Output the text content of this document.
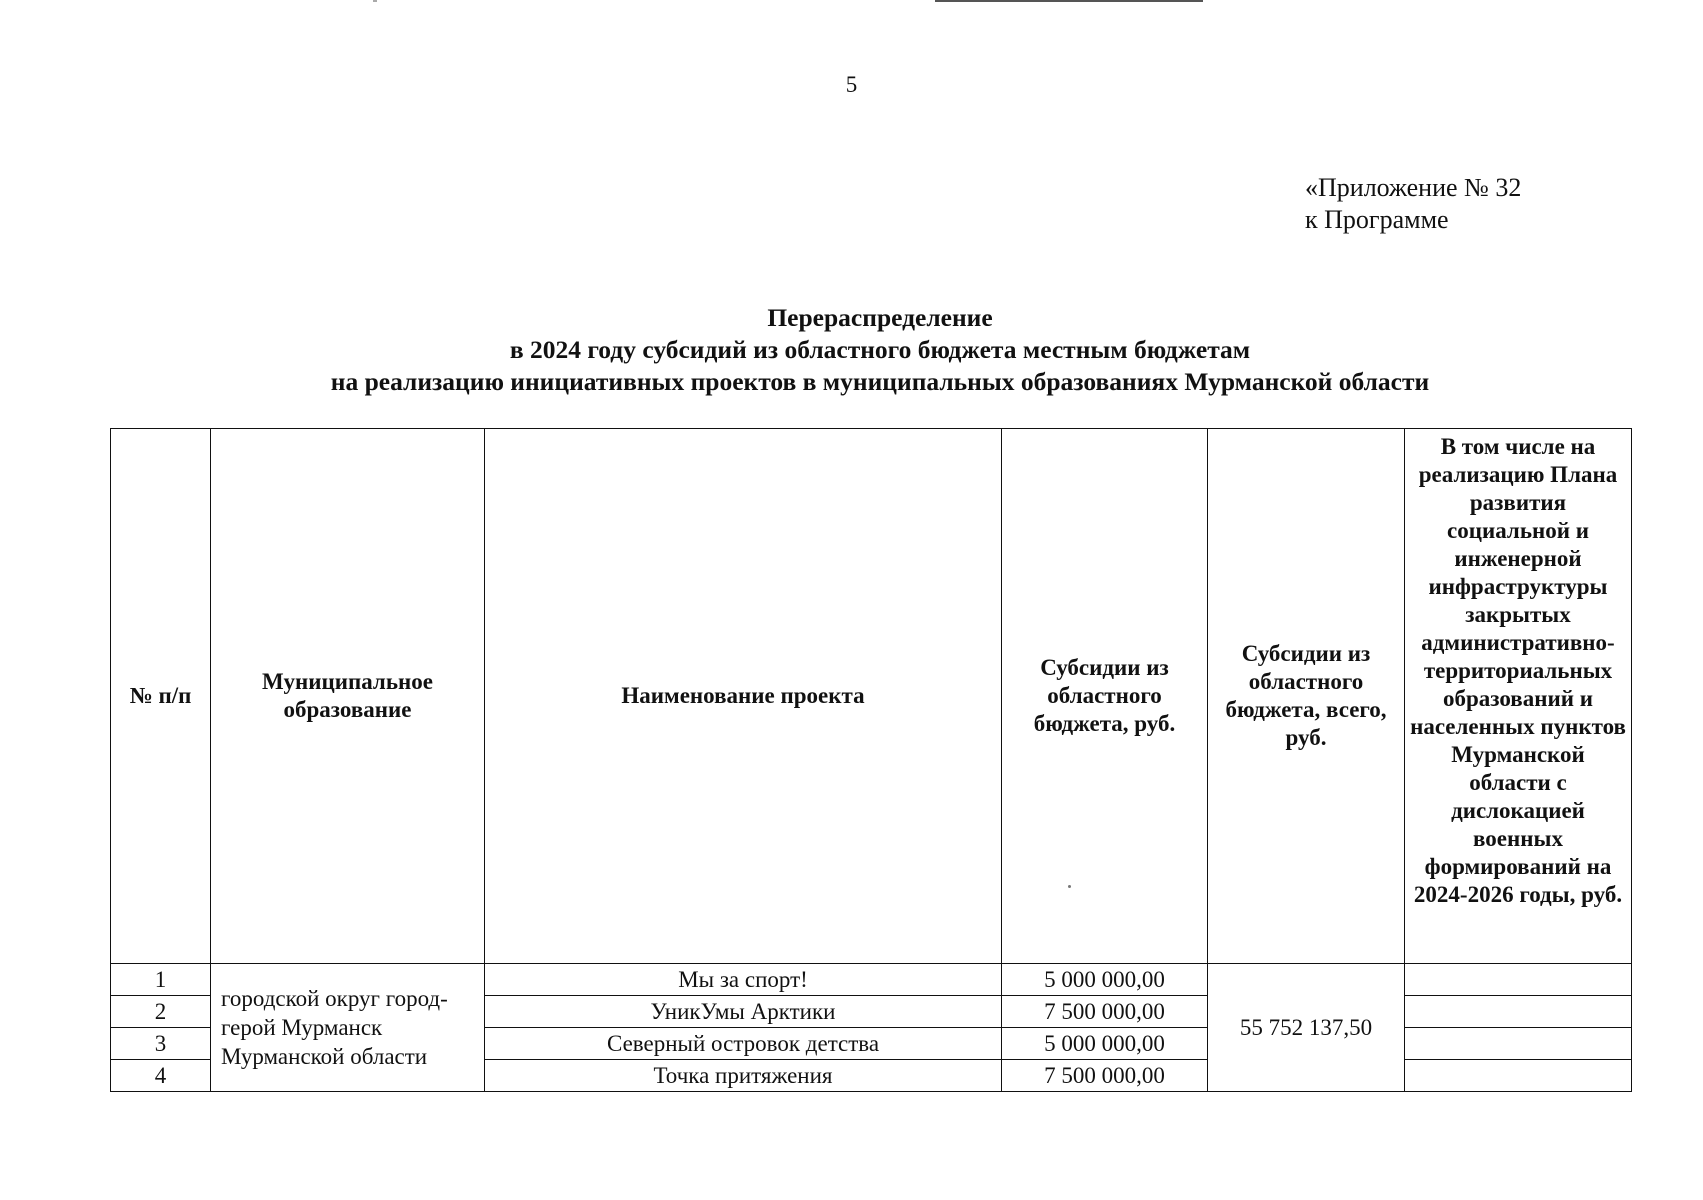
5
«Приложение № 32
к Программе
Перераспределение
в 2024 году субсидий из областного бюджета местным бюджетам
на реализацию инициативных проектов в муниципальных образованиях Мурманской области
№ п/п	Муниципальное образование	Наименование проекта	Субсидии из областного бюджета, руб.	Субсидии из областного бюджета, всего, руб.	В том числе на реализацию Плана развития социальной и инженерной инфраструктуры закрытых административно-территориальных образований и населенных пунктов Мурманской области с дислокацией военных формирований на 2024-2026 годы, руб.
1	городской округ город-герой Мурманск Мурманской области	Мы за спорт!	5 000 000,00	55 752 137,50	
2		УникУмы Арктики	7 500 000,00		
3		Северный островок детства	5 000 000,00		
4		Точка притяжения	7 500 000,00		
